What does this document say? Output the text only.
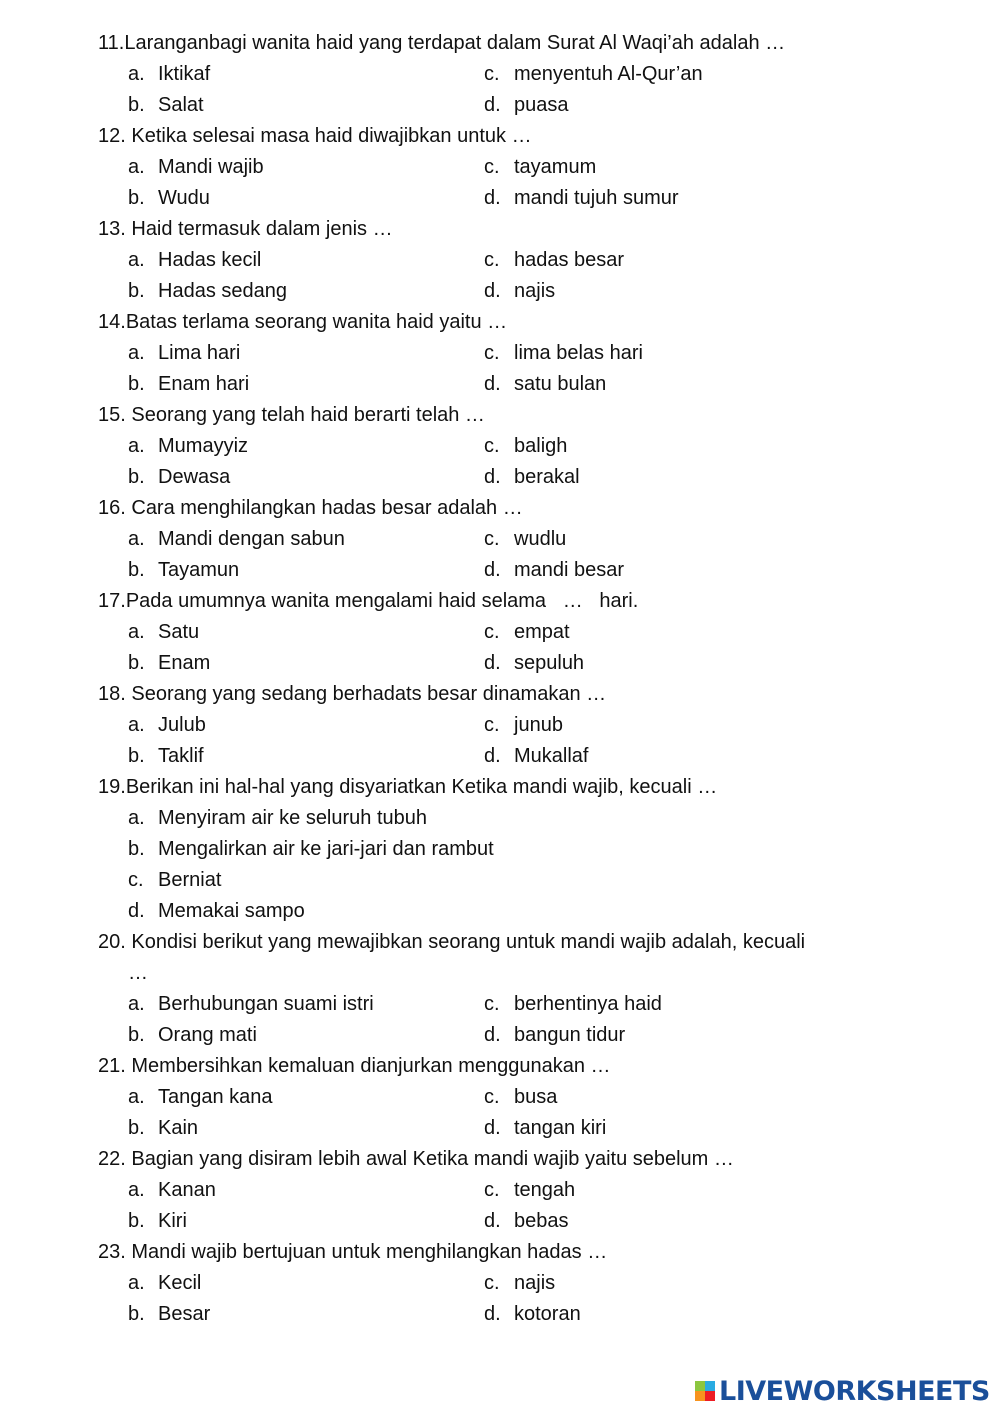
11.Laranganbagi wanita haid yang terdapat dalam Surat Al Waqi’ah adalah …
a. Iktikaf	c. menyentuh Al-Qur’an
b. Salat	d. puasa
12. Ketika selesai masa haid diwajibkan untuk …
a. Mandi wajib	c. tayamum
b. Wudu	d. mandi tujuh sumur
13. Haid termasuk dalam jenis …
a. Hadas kecil	c. hadas besar
b. Hadas sedang	d. najis
14.Batas terlama seorang wanita haid yaitu …
a. Lima hari	c. lima belas hari
b. Enam hari	d. satu bulan
15. Seorang yang telah haid berarti telah …
a. Mumayyiz	c. baligh
b. Dewasa	d. berakal
16. Cara menghilangkan hadas besar adalah …
a. Mandi dengan sabun	c. wudlu
b. Tayamun	d. mandi besar
17.Pada umumnya wanita mengalami haid selama   …   hari.
a. Satu	c. empat
b. Enam	d. sepuluh
18. Seorang yang sedang berhadats besar dinamakan …
a. Julub	c. junub
b. Taklif	d. Mukallaf
19.Berikan ini hal-hal yang disyariatkan Ketika mandi wajib, kecuali …
a. Menyiram air ke seluruh tubuh
b. Mengalirkan air ke jari-jari dan rambut
c. Berniat
d. Memakai sampo
20. Kondisi berikut yang mewajibkan seorang untuk mandi wajib adalah, kecuali
…
a. Berhubungan suami istri	c. berhentinya haid
b. Orang mati	d. bangun tidur
21. Membersihkan kemaluan dianjurkan menggunakan …
a. Tangan kana	c. busa
b. Kain	d. tangan kiri
22. Bagian yang disiram lebih awal Ketika mandi wajib yaitu sebelum …
a. Kanan	c. tengah
b. Kiri	d. bebas
23. Mandi wajib bertujuan untuk menghilangkan hadas …
a. Kecil	c. najis
b. Besar	d. kotoran
LIVEWORKSHEETS
